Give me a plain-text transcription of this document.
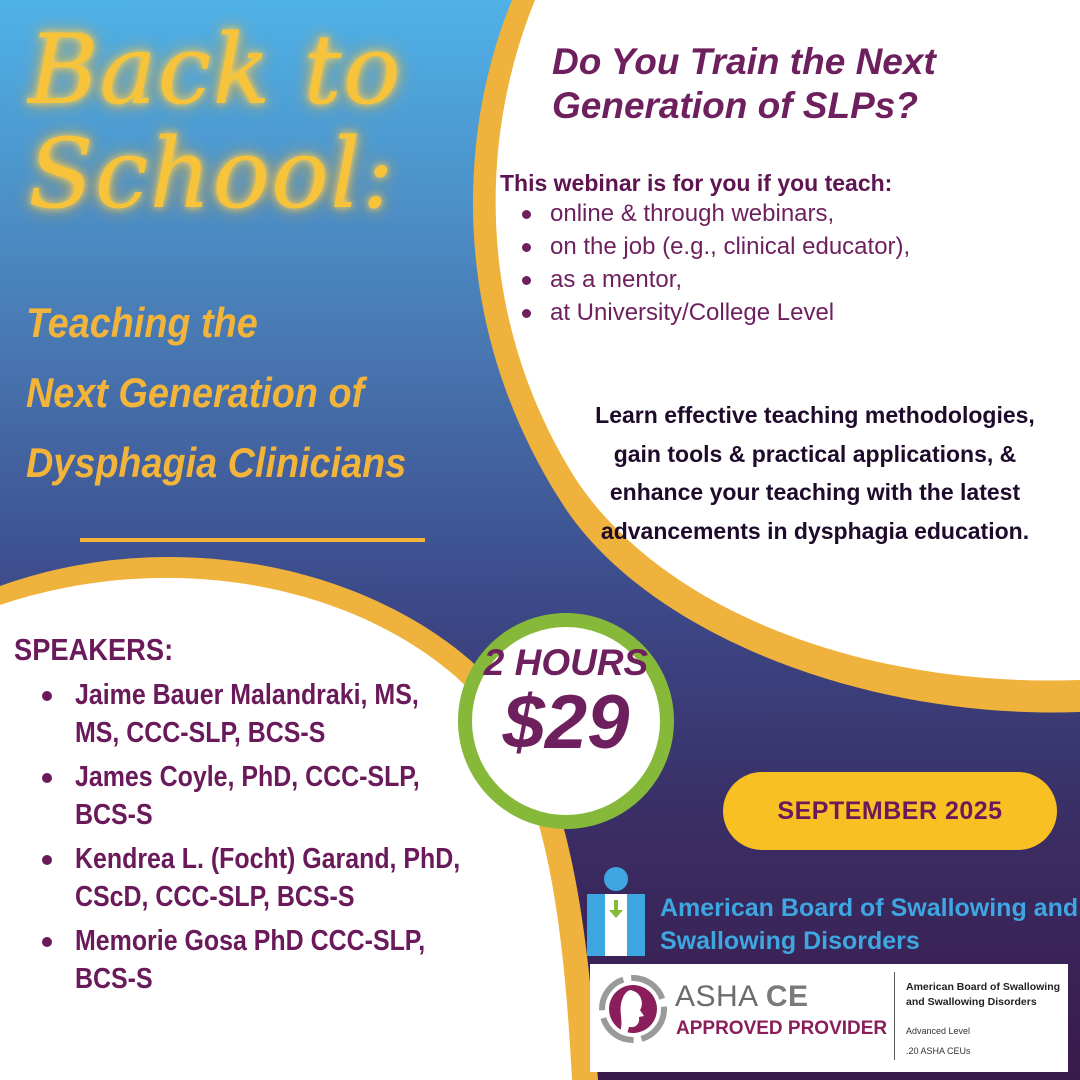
Back to
School:
Teaching the
Next Generation of
Dysphagia Clinicians
Do You Train the Next Generation of SLPs?
This webinar is for you if you teach:
online & through webinars,
on the job (e.g., clinical educator),
as a mentor,
at University/College Level

Learn effective teaching methodologies, gain tools & practical applications, & enhance your teaching with the latest advancements in dysphagia education.

SPEAKERS:
Jaime Bauer Malandraki, MS, MS, CCC-SLP, BCS-S
James Coyle, PhD, CCC-SLP, BCS-S
Kendrea L. (Focht) Garand, PhD, CScD, CCC-SLP, BCS-S
Memorie Gosa PhD CCC-SLP, BCS-S
2 HOURS
$29
SEPTEMBER 2025

American Board of Swallowing and Swallowing Disorders

ASHA CE
APPROVED PROVIDER
American Board of Swallowing and Swallowing Disorders
Advanced Level
.20 ASHA CEUs
